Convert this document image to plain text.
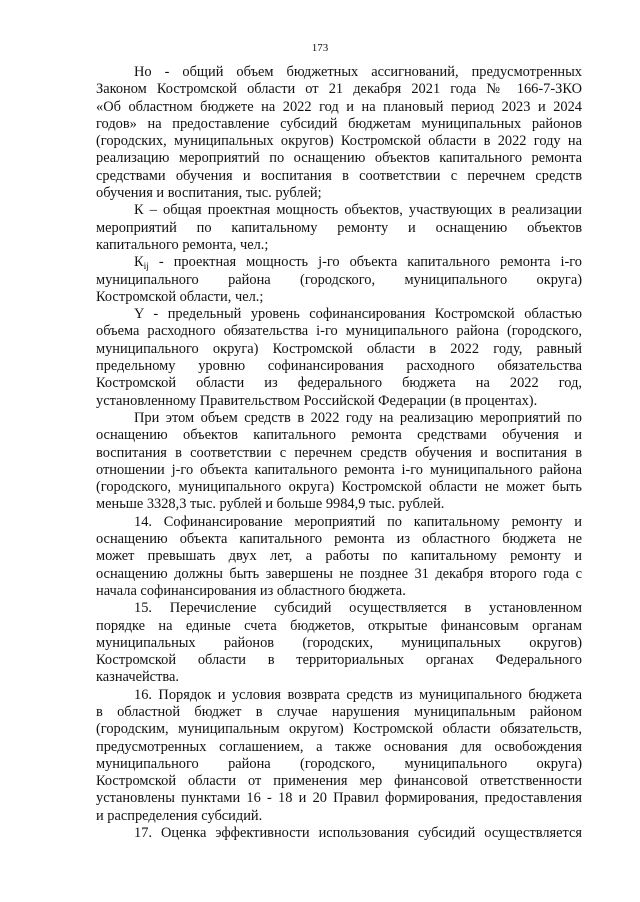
173
Но - общий объем бюджетных ассигнований, предусмотренных
Законом Костромской области от 21 декабря 2021 года № 166-7-ЗКО
«Об областном бюджете на 2022 год и на плановый период 2023 и 2024
годов» на предоставление субсидий бюджетам муниципальных районов
(городских, муниципальных округов) Костромской области в 2022 году на
реализацию мероприятий по оснащению объектов капитального ремонта
средствами обучения и воспитания в соответствии с перечнем средств
обучения и воспитания, тыс. рублей;
К – общая проектная мощность объектов, участвующих в реализации
мероприятий по капитальному ремонту и оснащению объектов
капитального ремонта, чел.;
$К_{ij}$ - проектная мощность j-го объекта капитального ремонта i-го
муниципального района (городского, муниципального округа)
Костромской области, чел.;
Y - предельный уровень софинансирования Костромской областью
объема расходного обязательства i-го муниципального района (городского,
муниципального округа) Костромской области в 2022 году, равный
предельному уровню софинансирования расходного обязательства
Костромской области из федерального бюджета на 2022 год,
установленному Правительством Российской Федерации (в процентах).
При этом объем средств в 2022 году на реализацию мероприятий по
оснащению объектов капитального ремонта средствами обучения и
воспитания в соответствии с перечнем средств обучения и воспитания в
отношении j-го объекта капитального ремонта i-го муниципального района
(городского, муниципального округа) Костромской области не может быть
меньше 3328,3 тыс. рублей и больше 9984,9 тыс. рублей.
14. Софинансирование мероприятий по капитальному ремонту и
оснащению объекта капитального ремонта из областного бюджета не
может превышать двух лет, а работы по капитальному ремонту и
оснащению должны быть завершены не позднее 31 декабря второго года с
начала софинансирования из областного бюджета.
15. Перечисление субсидий осуществляется в установленном
порядке на единые счета бюджетов, открытые финансовым органам
муниципальных районов (городских, муниципальных округов)
Костромской области в территориальных органах Федерального
казначейства.
16. Порядок и условия возврата средств из муниципального бюджета
в областной бюджет в случае нарушения муниципальным районом
(городским, муниципальным округом) Костромской области обязательств,
предусмотренных соглашением, а также основания для освобождения
муниципального района (городского, муниципального округа)
Костромской области от применения мер финансовой ответственности
установлены пунктами 16 - 18 и 20 Правил формирования, предоставления
и распределения субсидий.
17. Оценка эффективности использования субсидий осуществляется
